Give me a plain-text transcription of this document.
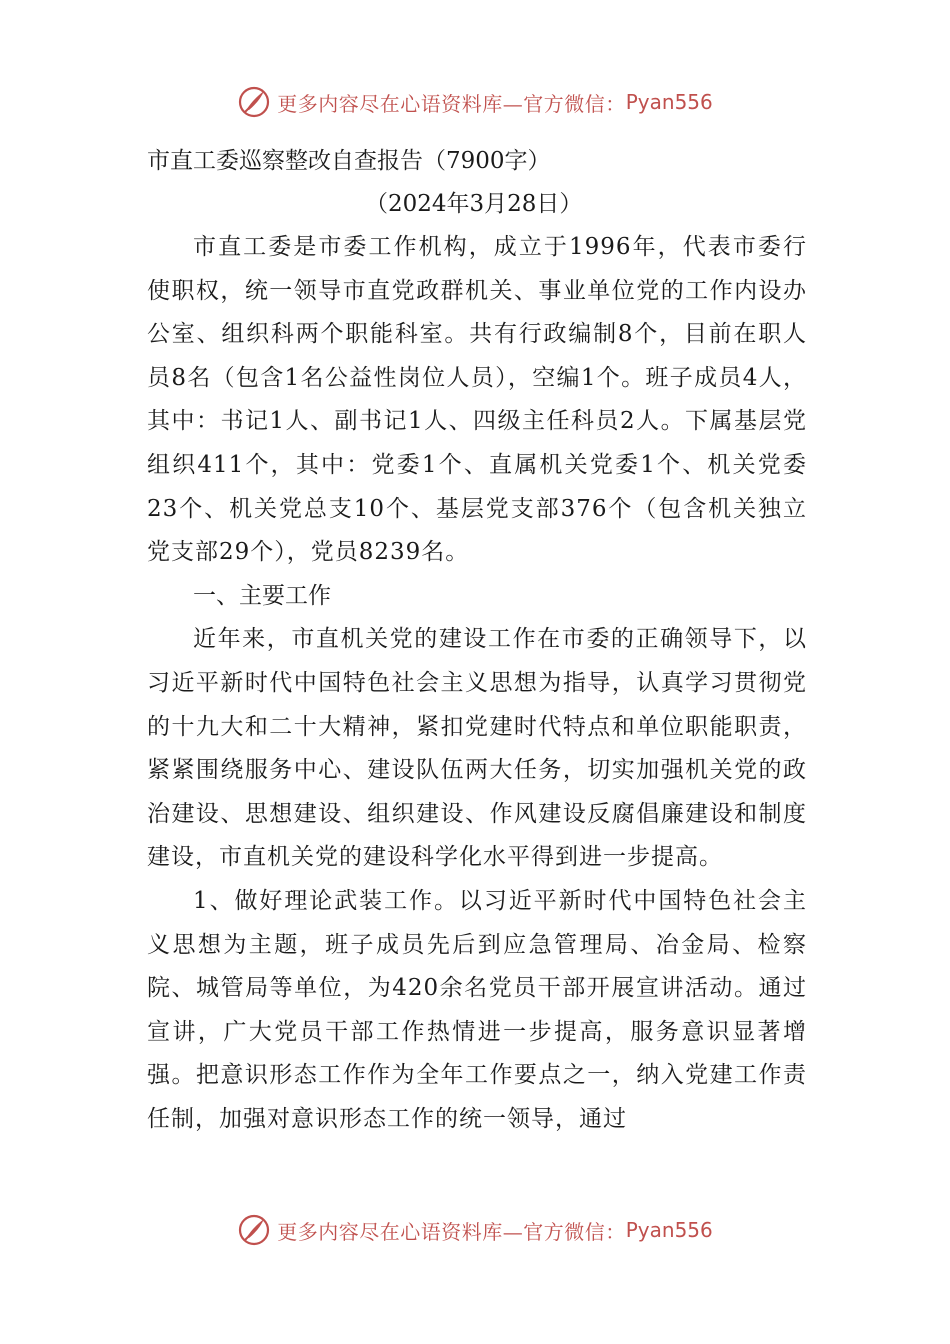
更多内容尽在心语资料库—官方微信： Pyan556
市直工委巡察整改自查报告（7900字）

（2024年3月28日）

市直工委是市委工作机构，成立于1996年，代表市委行使职权，统一领导市直党政群机关、事业单位党的工作内设办公室、组织科两个职能科室。共有行政编制8个，目前在职人员8名（包含1名公益性岗位人员），空编1个。班子成员4人，其中：书记1人、副书记1人、四级主任科员2人。下属基层党组织411个，其中：党委1个、直属机关党委1个、机关党委23个、机关党总支10个、基层党支部376个（包含机关独立党支部29个），党员8239名。

一、主要工作

近年来，市直机关党的建设工作在市委的正确领导下，以习近平新时代中国特色社会主义思想为指导，认真学习贯彻党的十九大和二十大精神，紧扣党建时代特点和单位职能职责，紧紧围绕服务中心、建设队伍两大任务，切实加强机关党的政治建设、思想建设、组织建设、作风建设反腐倡廉建设和制度建设，市直机关党的建设科学化水平得到进一步提高。

1、做好理论武装工作。以习近平新时代中国特色社会主义思想为主题，班子成员先后到应急管理局、冶金局、检察院、城管局等单位，为420余名党员干部开展宣讲活动。通过宣讲，广大党员干部工作热情进一步提高，服务意识显著增强。把意识形态工作作为全年工作要点之一，纳入党建工作责任制，加强对意识形态工作的统一领导，通过

更多内容尽在心语资料库—官方微信： Pyan556
